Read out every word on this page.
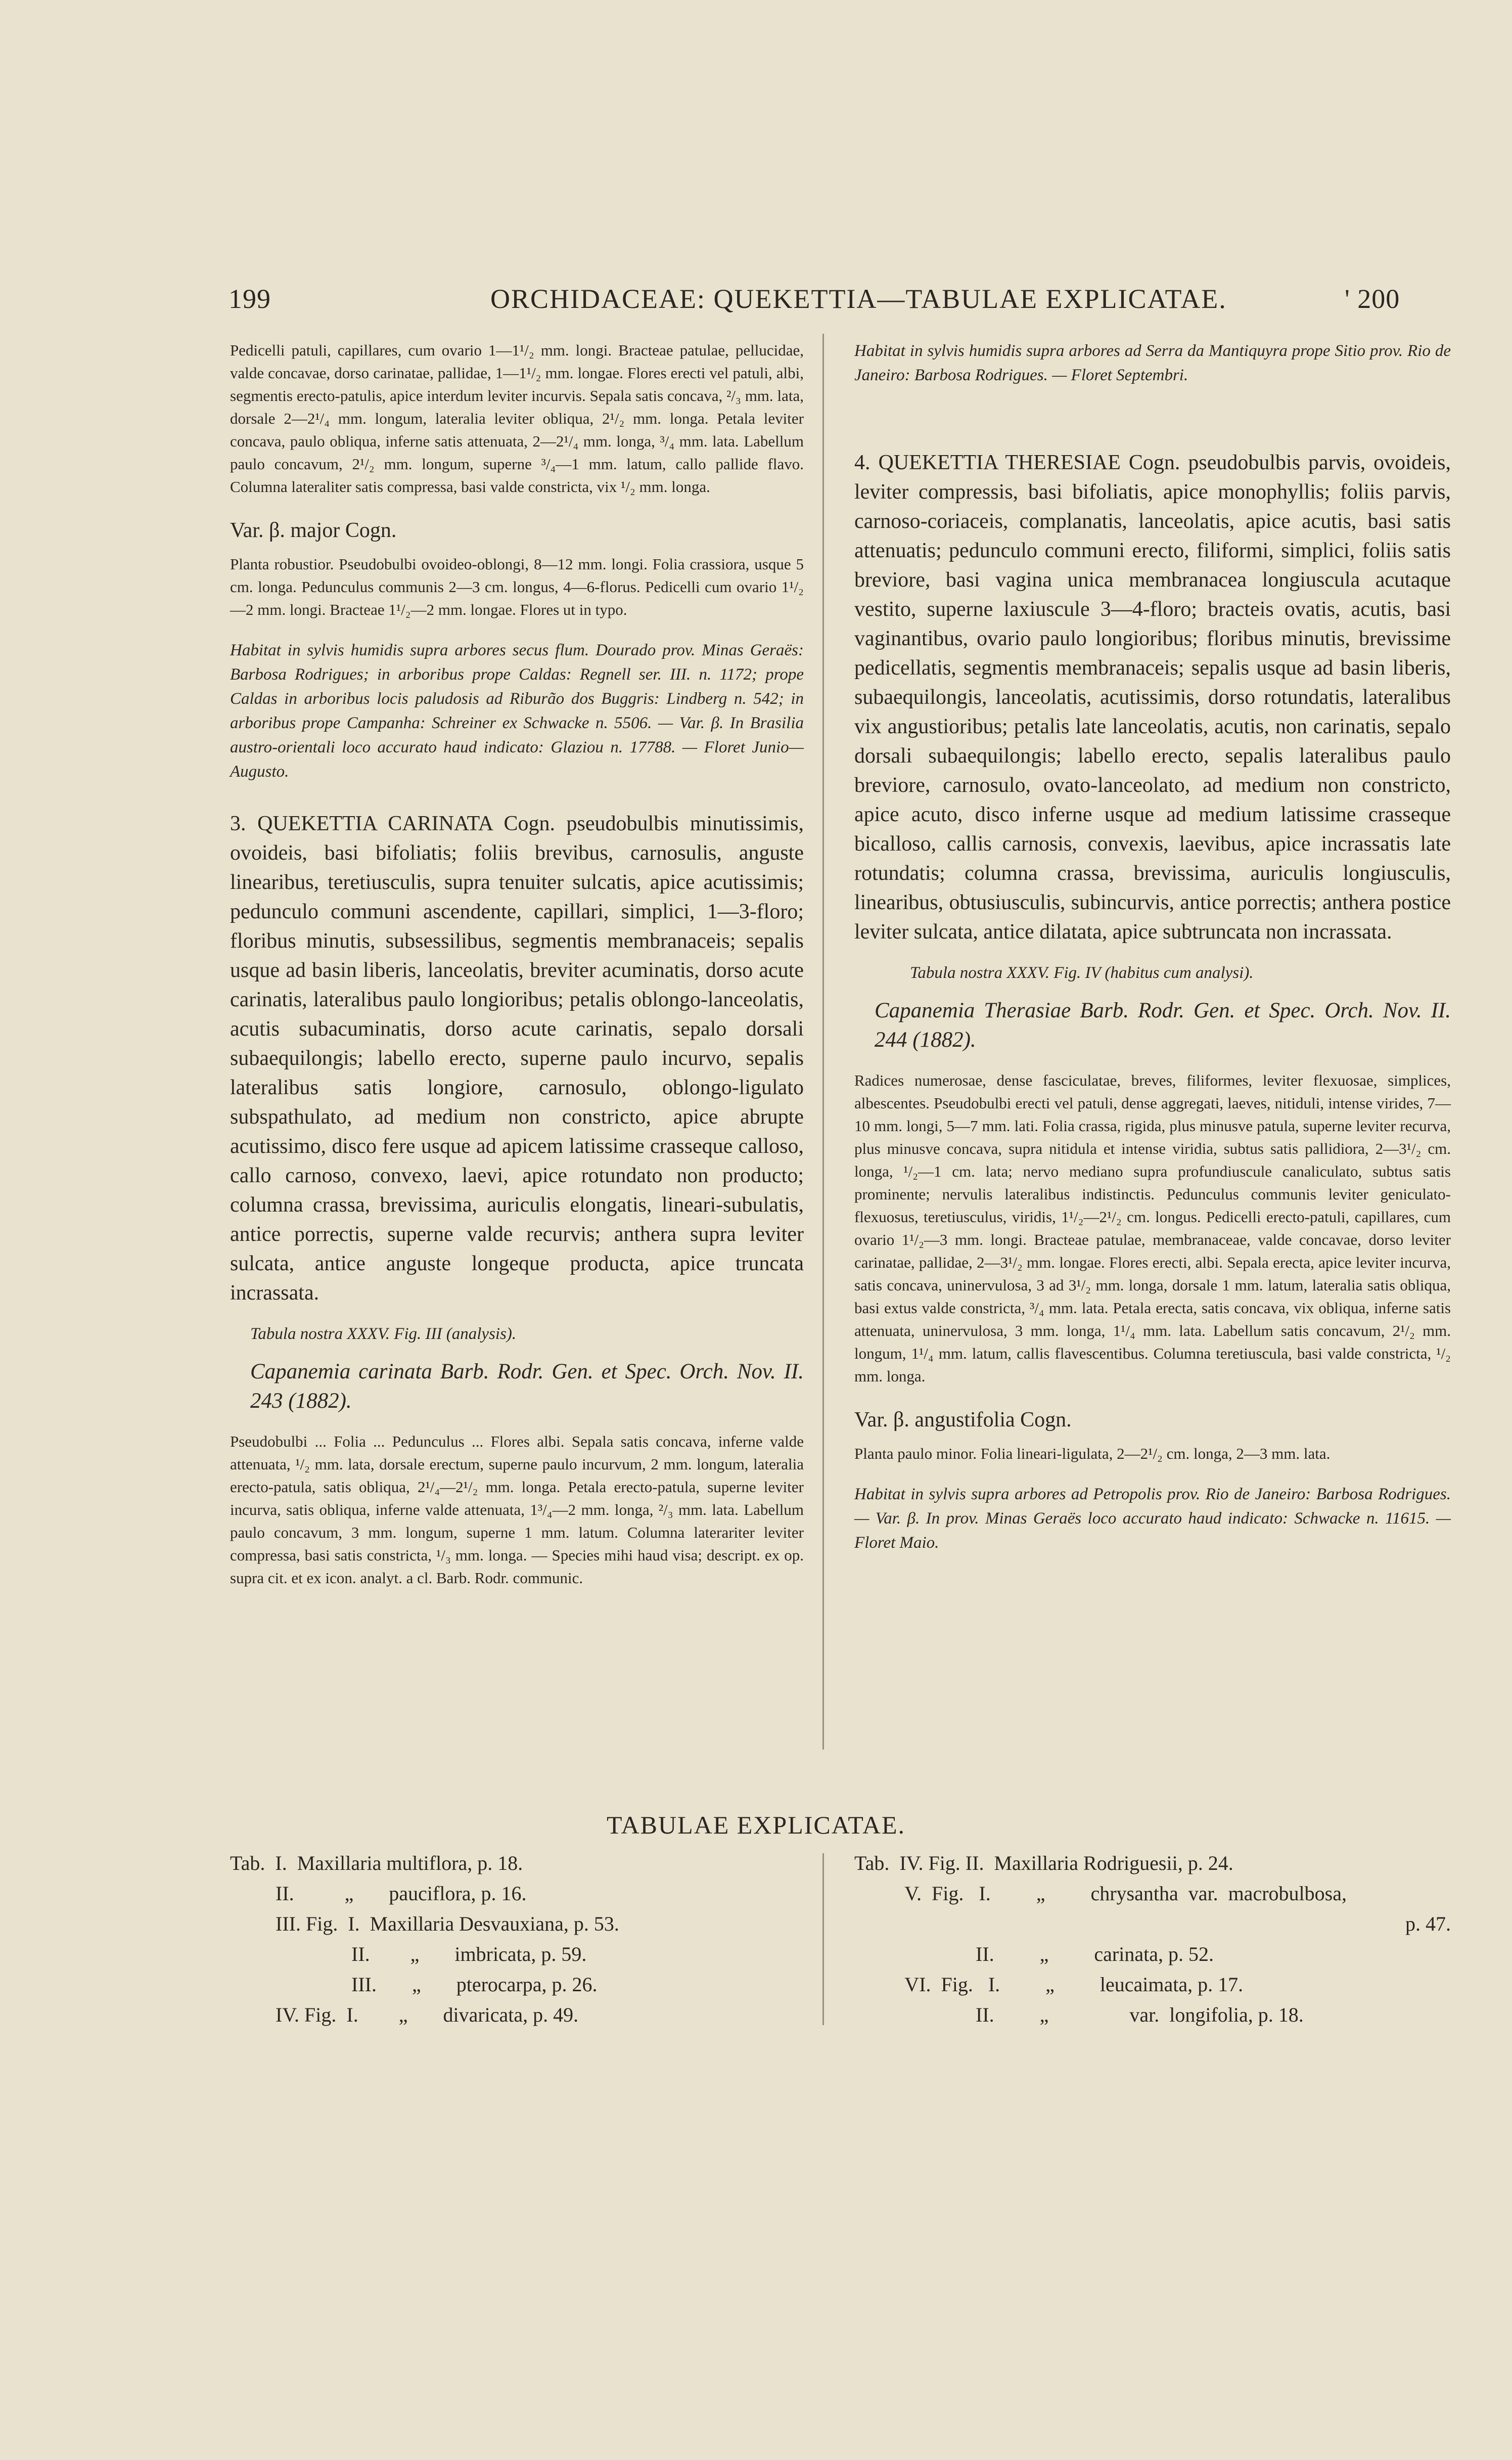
199	ORCHIDACEAE: QUEKETTIA—TABULAE EXPLICATAE.	' 200

Pedicelli patuli, capillares, cum ovario 1—1¹/₂ mm. longi. Bracteae patulae, pellucidae, valde concavae, dorso carinatae, pallidae, 1—1¹/₂ mm. longae. Flores erecti vel patuli, albi, segmentis erecto-patulis, apice interdum leviter incurvis. Sepala satis concava, ²/₃ mm. lata, dorsale 2—2¹/₄ mm. longum, lateralia leviter obliqua, 2¹/₂ mm. longa. Petala leviter concava, paulo obliqua, inferne satis attenuata, 2—2¹/₄ mm. longa, ³/₄ mm. lata. Labellum paulo concavum, 2¹/₂ mm. longum, superne ³/₄—1 mm. latum, callo pallide flavo. Columna lateraliter satis compressa, basi valde constricta, vix ¹/₂ mm. longa.

Var. β. major Cogn.

Planta robustior. Pseudobulbi ovoideo-oblongi, 8—12 mm. longi. Folia crassiora, usque 5 cm. longa. Pedunculus communis 2—3 cm. longus, 4—6-florus. Pedicelli cum ovario 1¹/₂—2 mm. longi. Bracteae 1¹/₂—2 mm. longae. Flores ut in typo.

Habitat in sylvis humidis supra arbores secus flum. Dourado prov. Minas Geraës: Barbosa Rodrigues; in arboribus prope Caldas: Regnell ser. III. n. 1172; prope Caldas in arboribus locis paludosis ad Riburão dos Buggris: Lindberg n. 542; in arboribus prope Campanha: Schreiner ex Schwacke n. 5506. — Var. β. In Brasilia austro-orientali loco accurato haud indicato: Glaziou n. 17788. — Floret Junio—Augusto.

3. QUEKETTIA CARINATA Cogn. pseudobulbis minutissimis, ovoideis, basi bifoliatis; foliis brevibus, carnosulis, anguste linearibus, teretiusculis, supra tenuiter sulcatis, apice acutissimis; pedunculo communi ascendente, capillari, simplici, 1—3-floro; floribus minutis, subsessilibus, segmentis membranaceis; sepalis usque ad basin liberis, lanceolatis, breviter acuminatis, dorso acute carinatis, lateralibus paulo longioribus; petalis oblongo-lanceolatis, acutis subacuminatis, dorso acute carinatis, sepalo dorsali subaequilongis; labello erecto, superne paulo incurvo, sepalis lateralibus satis longiore, carnosulo, oblongo-ligulato subspathulato, ad medium non constricto, apice abrupte acutissimo, disco fere usque ad apicem latissime crasseque calloso, callo carnoso, convexo, laevi, apice rotundato non producto; columna crassa, brevissima, auriculis elongatis, lineari-subulatis, antice porrectis, superne valde recurvis; anthera supra leviter sulcata, antice anguste longeque producta, apice truncata incrassata.

Tabula nostra XXXV. Fig. III (analysis).

Capanemia carinata Barb. Rodr. Gen. et Spec. Orch. Nov. II. 243 (1882).

Pseudobulbi ... Folia ... Pedunculus ... Flores albi. Sepala satis concava, inferne valde attenuata, ¹/₂ mm. lata, dorsale erectum, superne paulo incurvum, 2 mm. longum, lateralia erecto-patula, satis obliqua, 2¹/₄—2¹/₂ mm. longa. Petala erecto-patula, superne leviter incurva, satis obliqua, inferne valde attenuata, 1³/₄—2 mm. longa, ²/₃ mm. lata. Labellum paulo concavum, 3 mm. longum, superne 1 mm. latum. Columna laterariter leviter compressa, basi satis constricta, ¹/₃ mm. longa. — Species mihi haud visa; descript. ex op. supra cit. et ex icon. analyt. a cl. Barb. Rodr. communic.

Habitat in sylvis humidis supra arbores ad Serra da Mantiquyra prope Sitio prov. Rio de Janeiro: Barbosa Rodrigues. — Floret Septembri.

4. QUEKETTIA THERESIAE Cogn. pseudobulbis parvis, ovoideis, leviter compressis, basi bifoliatis, apice monophyllis; foliis parvis, carnoso-coriaceis, complanatis, lanceolatis, apice acutis, basi satis attenuatis; pedunculo communi erecto, filiformi, simplici, foliis satis breviore, basi vagina unica membranacea longiuscula acutaque vestito, superne laxiuscule 3—4-floro; bracteis ovatis, acutis, basi vaginantibus, ovario paulo longioribus; floribus minutis, brevissime pedicellatis, segmentis membranaceis; sepalis usque ad basin liberis, subaequilongis, lanceolatis, acutissimis, dorso rotundatis, lateralibus vix angustioribus; petalis late lanceolatis, acutis, non carinatis, sepalo dorsali subaequilongis; labello erecto, sepalis lateralibus paulo breviore, carnosulo, ovato-lanceolato, ad medium non constricto, apice acuto, disco inferne usque ad medium latissime crasseque bicalloso, callis carnosis, convexis, laevibus, apice incrassatis late rotundatis; columna crassa, brevissima, auriculis longiusculis, linearibus, obtusiusculis, subincurvis, antice porrectis; anthera postice leviter sulcata, antice dilatata, apice subtruncata non incrassata.

Tabula nostra XXXV. Fig. IV (habitus cum analysi).

Capanemia Therasiae Barb. Rodr. Gen. et Spec. Orch. Nov. II. 244 (1882).

Radices numerosae, dense fasciculatae, breves, filiformes, leviter flexuosae, simplices, albescentes. Pseudobulbi erecti vel patuli, dense aggregati, laeves, nitiduli, intense virides, 7—10 mm. longi, 5—7 mm. lati. Folia crassa, rigida, plus minusve patula, superne leviter recurva, plus minusve concava, supra nitidula et intense viridia, subtus satis pallidiora, 2—3¹/₂ cm. longa, ¹/₂—1 cm. lata; nervo mediano supra profundiuscule canaliculato, subtus satis prominente; nervulis lateralibus indistinctis. Pedunculus communis leviter geniculato-flexuosus, teretiusculus, viridis, 1¹/₂—2¹/₂ cm. longus. Pedicelli erecto-patuli, capillares, cum ovario 1¹/₂—3 mm. longi. Bracteae patulae, membranaceae, valde concavae, dorso leviter carinatae, pallidae, 2—3¹/₂ mm. longae. Flores erecti, albi. Sepala erecta, apice leviter incurva, satis concava, uninervulosa, 3 ad 3¹/₂ mm. longa, dorsale 1 mm. latum, lateralia satis obliqua, basi extus valde constricta, ³/₄ mm. lata. Petala erecta, satis concava, vix obliqua, inferne satis attenuata, uninervulosa, 3 mm. longa, 1¹/₄ mm. lata. Labellum satis concavum, 2¹/₂ mm. longum, 1¹/₄ mm. latum, callis flavescentibus. Columna teretiuscula, basi valde constricta, ¹/₂ mm. longa.

Var. β. angustifolia Cogn.

Planta paulo minor. Folia lineari-ligulata, 2—2¹/₂ cm. longa, 2—3 mm. lata.

Habitat in sylvis supra arbores ad Petropolis prov. Rio de Janeiro: Barbosa Rodrigues. — Var. β. In prov. Minas Geraës loco accurato haud indicato: Schwacke n. 11615. — Floret Maio.

TABULAE EXPLICATAE.
Tab.  I.  Maxillaria multiflora, p. 18.
II.          „       pauciflora, p. 16.
III. Fig.  I.  Maxillaria Desvauxiana, p. 53.
II.        „       imbricata, p. 59.
III.       „       pterocarpa, p. 26.
IV. Fig.  I.        „       divaricata, p. 49.
Tab.  IV. Fig. II.  Maxillaria Rodriguesii, p. 24.
V.  Fig.   I.         „         chrysantha  var.  macrobulbosa,
p. 47.
II.         „         carinata, p. 52.
VI.  Fig.   I.         „         leucaimata, p. 17.
II.         „                var.  longifolia, p. 18.
